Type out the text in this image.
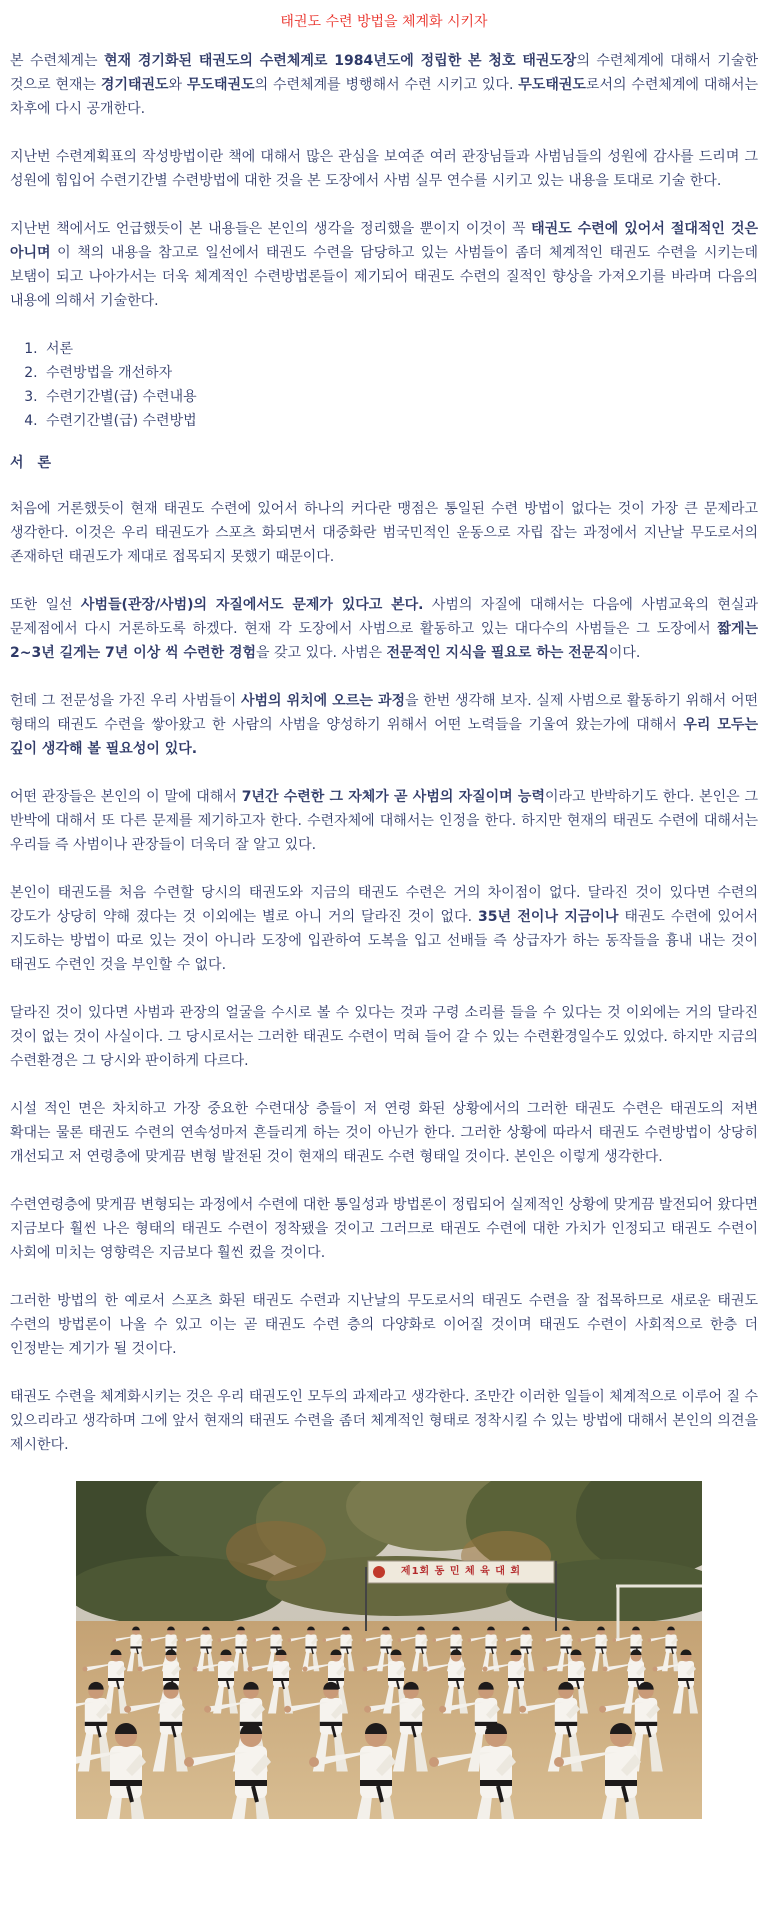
태권도 수련 방법을 체계화 시키자

본 수련체계는 현재 경기화된 태권도의 수련체계로 1984년도에 정립한 본 청호 태권도장의 수련체계에 대해서 기술한 것으로 현재는 경기태권도와 무도태권도의 수련체계를 병행해서 수련 시키고 있다. 무도태권도로서의 수련체계에 대해서는 차후에 다시 공개한다.

지난번 수련계획표의 작성방법이란 책에 대해서 많은 관심을 보여준 여러 관장님들과 사범님들의 성원에 감사를 드리며 그 성원에 힘입어 수련기간별 수련방법에 대한 것을 본 도장에서 사범 실무 연수를 시키고 있는 내용을 토대로 기술 한다.

지난번 책에서도 언급했듯이 본 내용들은 본인의 생각을 정리했을 뿐이지 이것이 꼭 태권도 수련에 있어서 절대적인 것은 아니며 이 책의 내용을 참고로 일선에서 태권도 수련을 담당하고 있는 사범들이 좀더 체계적인 태권도 수련을 시키는데 보탬이 되고 나아가서는 더욱 체계적인 수련방법론들이 제기되어 태권도 수련의 질적인 향상을 가져오기를 바라며 다음의 내용에 의해서 기술한다.

1. 서론
2. 수련방법을 개선하자
3. 수련기간별(급) 수련내용
4. 수련기간별(급) 수련방법
서　론

처음에 거론했듯이 현재 태권도 수련에 있어서 하나의 커다란 맹점은 통일된 수련 방법이 없다는 것이 가장 큰 문제라고 생각한다. 이것은 우리 태권도가 스포츠 화되면서 대중화란 범국민적인 운동으로 자립 잡는 과정에서 지난날 무도로서의 존재하던 태권도가 제대로 접목되지 못했기 때문이다.

또한 일선 사범들(관장/사범)의 자질에서도 문제가 있다고 본다. 사범의 자질에 대해서는 다음에 사범교육의 현실과 문제점에서 다시 거론하도록 하겠다. 현재 각 도장에서 사범으로 활동하고 있는 대다수의 사범들은 그 도장에서 짧게는 2~3년 길게는 7년 이상 씩 수련한 경험을 갖고 있다. 사범은 전문적인 지식을 필요로 하는 전문직이다.

헌데 그 전문성을 가진 우리 사범들이 사범의 위치에 오르는 과정을 한번 생각해 보자. 실제 사범으로 활동하기 위해서 어떤 형태의 태권도 수련을 쌓아왔고 한 사람의 사범을 양성하기 위해서 어떤 노력들을 기울여 왔는가에 대해서 우리 모두는 깊이 생각해 볼 필요성이 있다.

어떤 관장들은 본인의 이 말에 대해서 7년간 수련한 그 자체가 곧 사범의 자질이며 능력이라고 반박하기도 한다. 본인은 그 반박에 대해서 또 다른 문제를 제기하고자 한다. 수련자체에 대해서는 인정을 한다. 하지만 현재의 태권도 수련에 대해서는 우리들 즉 사범이나 관장들이 더욱더 잘 알고 있다.

본인이 태권도를 처음 수련할 당시의 태권도와 지금의 태권도 수련은 거의 차이점이 없다. 달라진 것이 있다면 수련의 강도가 상당히 약해 졌다는 것 이외에는 별로 아니 거의 달라진 것이 없다. 35년 전이나 지금이나 태권도 수련에 있어서 지도하는 방법이 따로 있는 것이 아니라 도장에 입관하여 도복을 입고 선배들 즉 상급자가 하는 동작들을 흉내 내는 것이 태권도 수련인 것을 부인할 수 없다.

달라진 것이 있다면 사범과 관장의 얼굴을 수시로 볼 수 있다는 것과 구령 소리를 들을 수 있다는 것 이외에는 거의 달라진 것이 없는 것이 사실이다. 그 당시로서는 그러한 태권도 수련이 먹혀 들어 갈 수 있는 수련환경일수도 있었다. 하지만 지금의 수련환경은 그 당시와 판이하게 다르다.

시설 적인 면은 차치하고 가장 중요한 수련대상 층들이 저 연령 화된 상황에서의 그러한 태권도 수련은 태권도의 저변 확대는 물론 태권도 수련의 연속성마저 흔들리게 하는 것이 아닌가 한다. 그러한 상황에 따라서 태권도 수련방법이 상당히 개선되고 저 연령층에 맞게끔 변형 발전된 것이 현재의 태권도 수련 형태일 것이다. 본인은 이렇게 생각한다.

수련연령층에 맞게끔 변형되는 과정에서 수련에 대한 통일성과 방법론이 정립되어 실제적인 상황에 맞게끔 발전되어 왔다면 지금보다 훨씬 나은 형태의 태권도 수련이 정착됐을 것이고 그러므로 태권도 수련에 대한 가치가 인정되고 태권도 수련이 사회에 미치는 영향력은 지금보다 훨씬 컸을 것이다.

그러한 방법의 한 예로서 스포츠 화된 태권도 수련과 지난날의 무도로서의 태권도 수련을 잘 접목하므로 새로운 태권도 수련의 방법론이 나올 수 있고 이는 곧 태권도 수련 층의 다양화로 이어질 것이며 태권도 수련이 사회적으로 한층 더 인정받는 계기가 될 것이다.

태권도 수련을 체계화시키는 것은 우리 태권도인 모두의 과제라고 생각한다. 조만간 이러한 일들이 체계적으로 이루어 질 수 있으리라고 생각하며 그에 앞서 현재의 태권도 수련을 좀더 체계적인 형태로 정착시킬 수 있는 방법에 대해서 본인의 의견을 제시한다.

제1회 동 민 체 육 대 회
